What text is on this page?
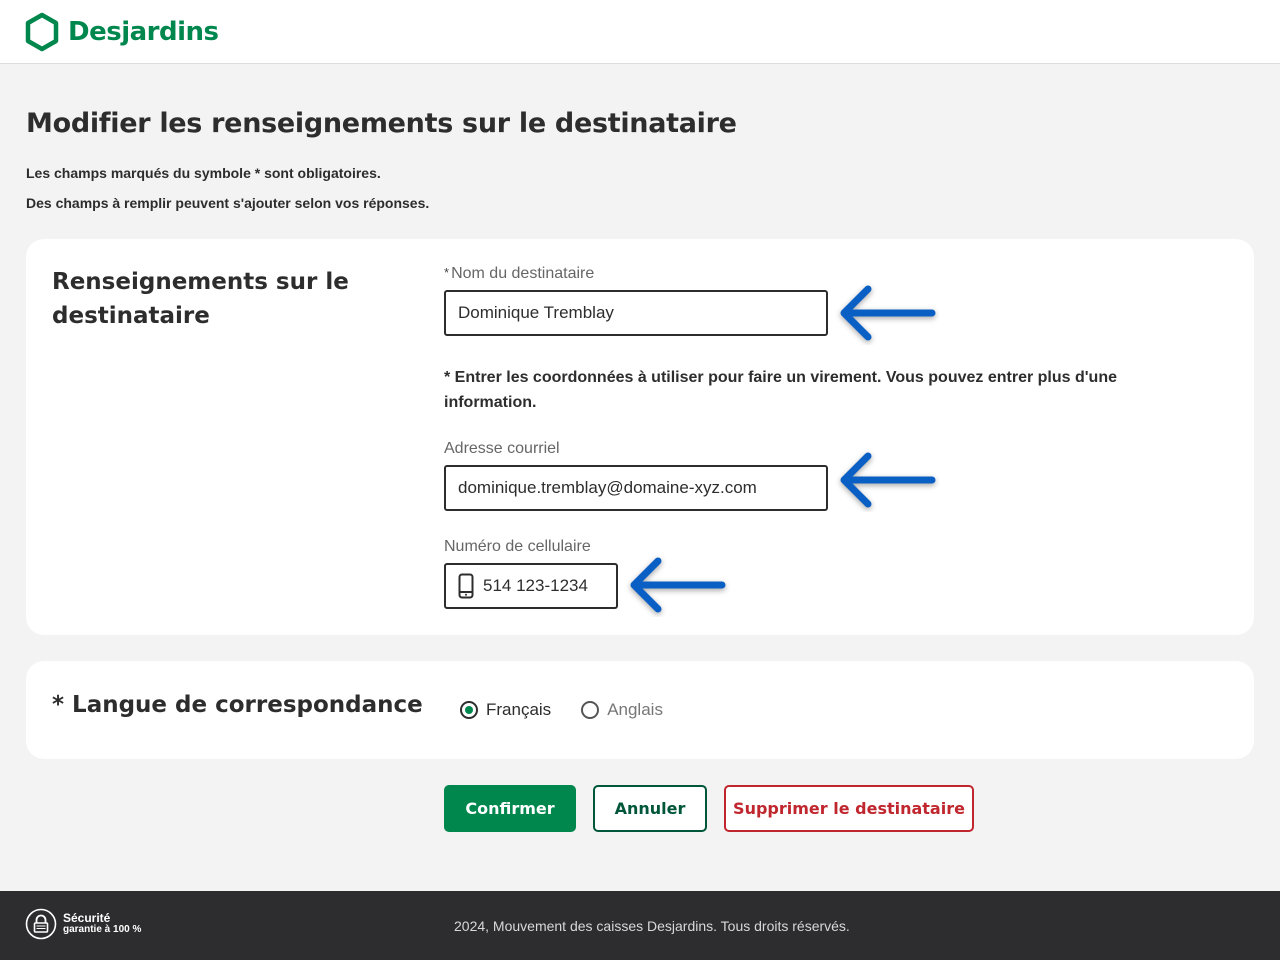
Desjardins
Modifier les renseignements sur le destinataire

Les champs marqués du symbole * sont obligatoires.

Des champs à remplir peuvent s'ajouter selon vos réponses.

Renseignements sur le destinataire
* Nom du destinataire
Dominique Tremblay

* Entrer les coordonnées à utiliser pour faire un virement. Vous pouvez entrer plus d'une information.

Adresse courriel
dominique.tremblay@domaine-xyz.com
Numéro de cellulaire
514 123-1234
* Langue de correspondance	Français	Anglais
Confirmer	Annuler	Supprimer le destinataire
Sécurité
garantie à 100 %	2024, Mouvement des caisses Desjardins. Tous droits réservés.
